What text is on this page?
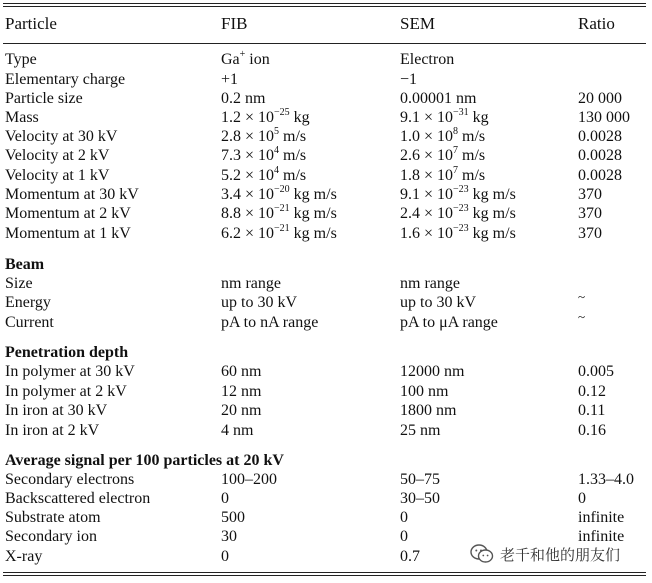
Particle	FIB	SEM	Ratio
Type	Ga+ ion	Electron
Elementary charge	+1	−1
Particle size	0.2 nm	0.00001 nm	20 000
Mass	$1.2 \times 10^{-25}$ kg	$9.1 \times 10^{-31}$ kg	130 000
Velocity at 30 kV	$2.8 \times 10^5$ m/s	$1.0 \times 10^8$ m/s	0.0028
Velocity at 2 kV	$7.3 \times 10^4$ m/s	$2.6 \times 10^7$ m/s	0.0028
Velocity at 1 kV	$5.2 \times 10^4$ m/s	$1.8 \times 10^7$ m/s	0.0028
Momentum at 30 kV	$3.4 \times 10^{-20}$ kg m/s	$9.1 \times 10^{-23}$ kg m/s	370
Momentum at 2 kV	$8.8 \times 10^{-21}$ kg m/s	$2.4 \times 10^{-23}$ kg m/s	370
Momentum at 1 kV	$6.2 \times 10^{-21}$ kg m/s	$1.6 \times 10^{-23}$ kg m/s	370
Beam
Size	nm range	nm range
Energy	up to 30 kV	up to 30 kV	~
Current	pA to nA range	pA to μA range	~
Penetration depth
In polymer at 30 kV	60 nm	12000 nm	0.005
In polymer at 2 kV	12 nm	100 nm	0.12
In iron at 30 kV	20 nm	1800 nm	0.11
In iron at 2 kV	4 nm	25 nm	0.16
Average signal per 100 particles at 20 kV
Secondary electrons	100–200	50–75	1.33–4.0
Backscattered electron	0	30–50	0
Substrate atom	500	0	infinite
Secondary ion	30	0	infinite
X-ray	0	0.7	老千和他的朋友们
